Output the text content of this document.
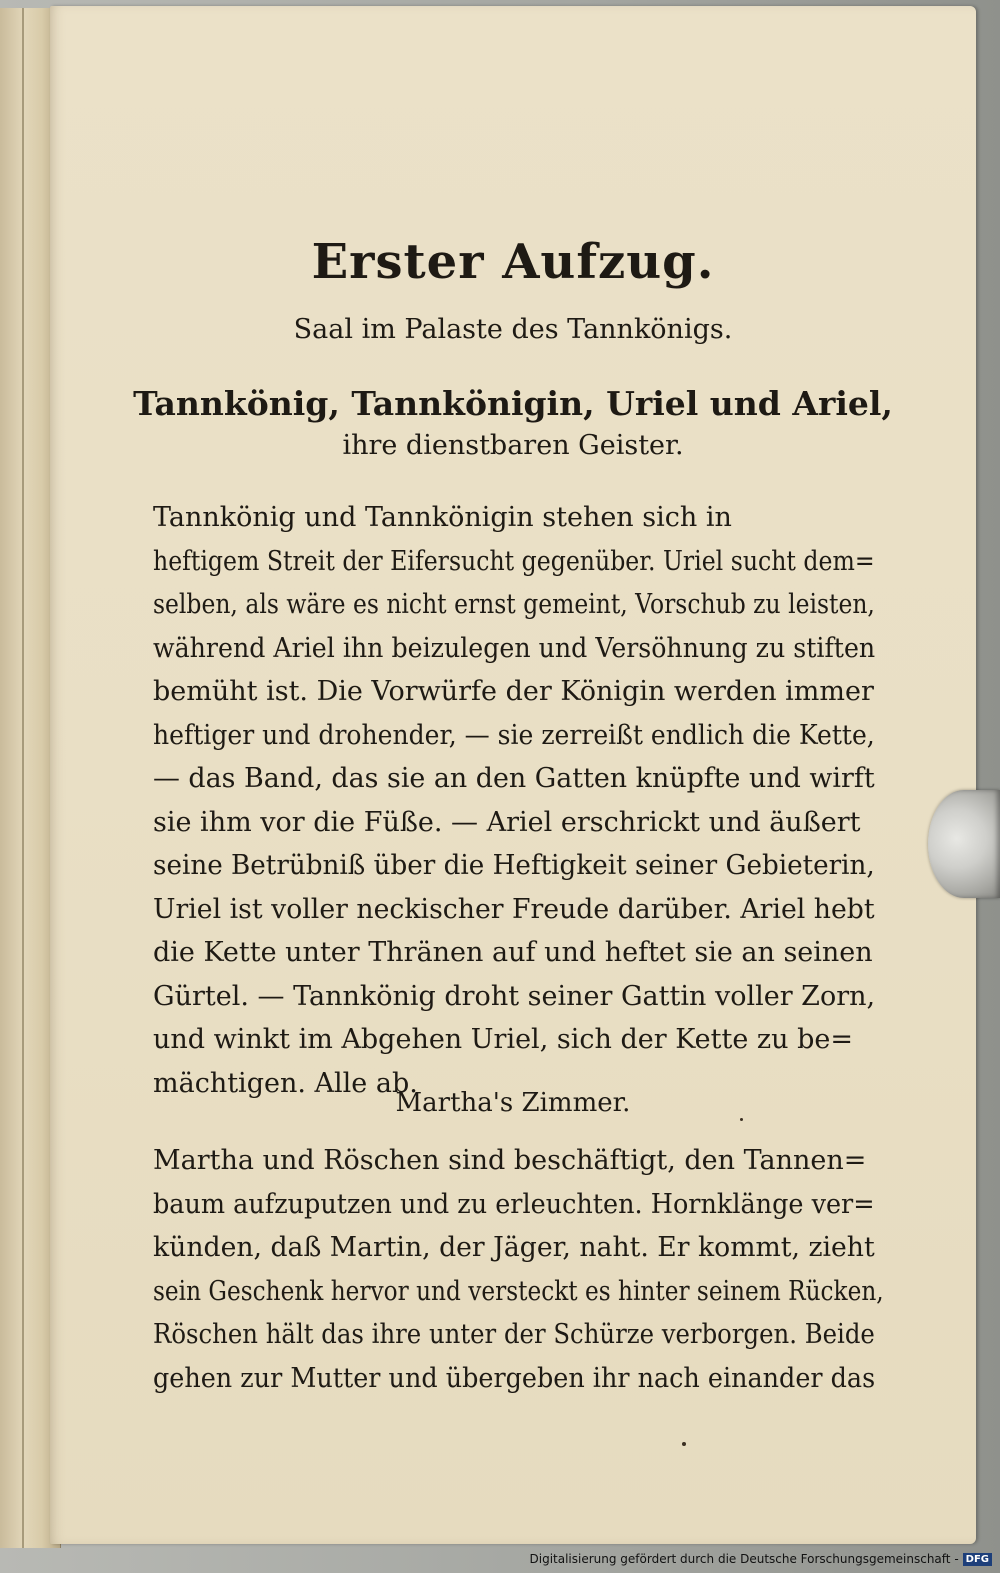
Erster Aufzug.
Saal im Palaste des Tannkönigs.
Tannkönig, Tannkönigin, Uriel und Ariel,
ihre dienstbaren Geister.
Tannkönig und Tannkönigin stehen sich in
heftigem Streit der Eifersucht gegenüber. Uriel sucht dem=
selben, als wäre es nicht ernst gemeint, Vorschub zu leisten,
während Ariel ihn beizulegen und Versöhnung zu stiften
bemüht ist. Die Vorwürfe der Königin werden immer
heftiger und drohender, — sie zerreißt endlich die Kette,
— das Band, das sie an den Gatten knüpfte und wirft
sie ihm vor die Füße. — Ariel erschrickt und äußert
seine Betrübniß über die Heftigkeit seiner Gebieterin,
Uriel ist voller neckischer Freude darüber. Ariel hebt
die Kette unter Thränen auf und heftet sie an seinen
Gürtel. — Tannkönig droht seiner Gattin voller Zorn,
und winkt im Abgehen Uriel, sich der Kette zu be=
mächtigen. Alle ab.
Martha's Zimmer.
Martha und Röschen sind beschäftigt, den Tannen=
baum aufzuputzen und zu erleuchten. Hornklänge ver=
künden, daß Martin, der Jäger, naht. Er kommt, zieht
sein Geschenk hervor und versteckt es hinter seinem Rücken,
Röschen hält das ihre unter der Schürze verborgen. Beide
gehen zur Mutter und übergeben ihr nach einander das
Digitalisierung gefördert durch die Deutsche Forschungsgemeinschaft - DFG
